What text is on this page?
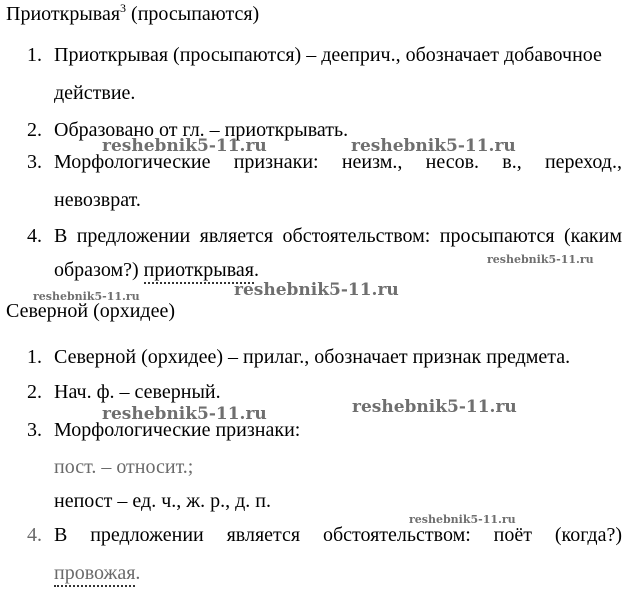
Приоткрывая$^3$ (просыпаются)
1. Приоткрывая (просыпаются) – дееприч., обозначает добавочное
действие.
2. Образовано от гл. – приоткрывать.
3. Морфологические признаки: неизм., несов. в., переход.,
невозврат.
4. В предложении является обстоятельством: просыпаются (каким
образом?) приоткрывая.
Северной (орхидее)
1. Северной (орхидее) – прилаг., обозначает признак предмета.
2. Нач. ф. – северный.
3. Морфологические признаки:
пост. – относит.;
непост – ед. ч., ж. р., д. п.
4. В предложении является обстоятельством: поёт (когда?)
провожая.
reshebnik5-11.ru	reshebnik5-11.ru
reshebnik5-11.ru
reshebnik5-11.ru	reshebnik5-11.ru
reshebnik5-11.ru
reshebnik5-11.ru
reshebnik5-11.ru
